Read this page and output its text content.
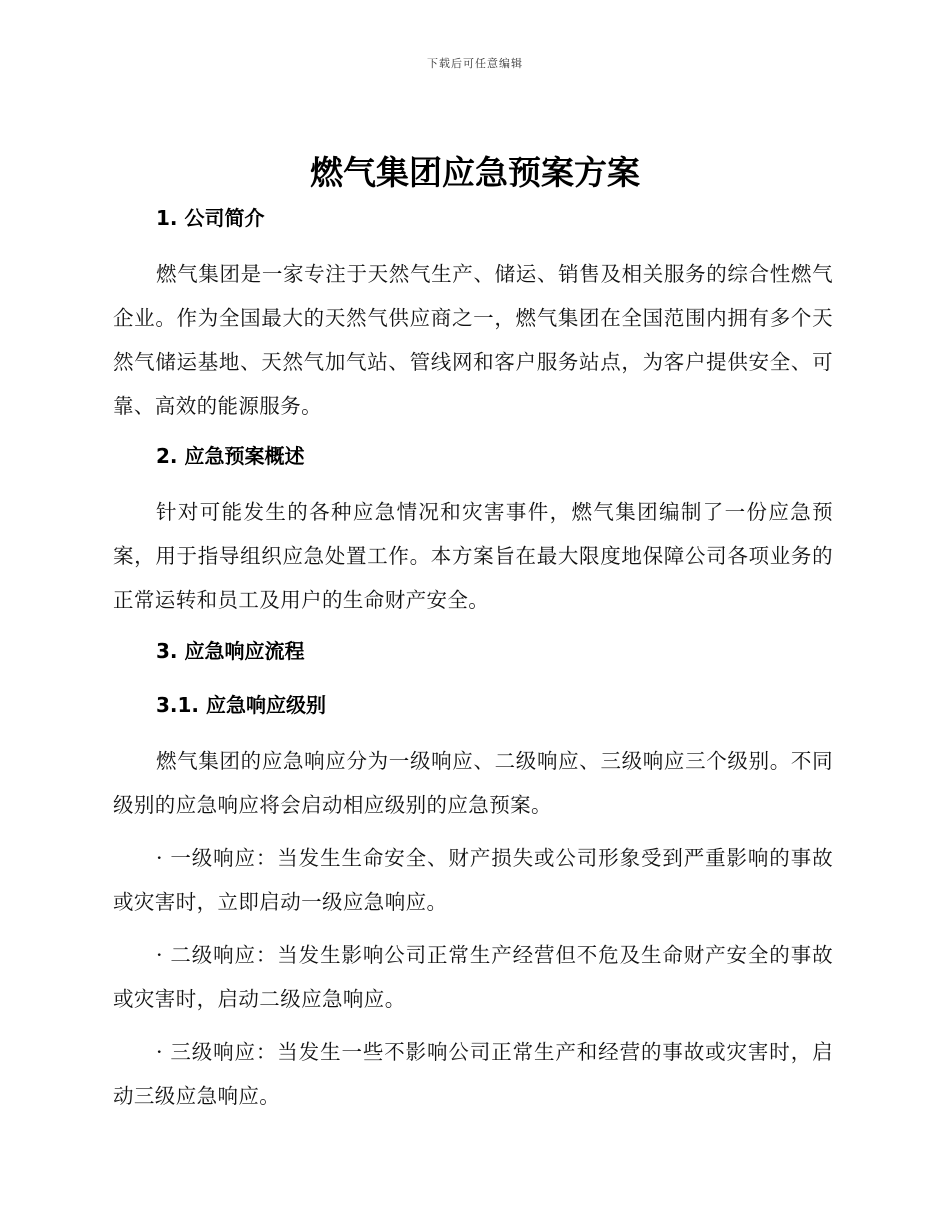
下载后可任意编辑
燃气集团应急预案方案
1. 公司简介

燃气集团是一家专注于天然气生产、储运、销售及相关服务的综合性燃气企业。作为全国最大的天然气供应商之一，燃气集团在全国范围内拥有多个天然气储运基地、天然气加气站、管线网和客户服务站点，为客户提供安全、可靠、高效的能源服务。

2. 应急预案概述

针对可能发生的各种应急情况和灾害事件，燃气集团编制了一份应急预案，用于指导组织应急处置工作。本方案旨在最大限度地保障公司各项业务的正常运转和员工及用户的生命财产安全。

3. 应急响应流程
3.1. 应急响应级别

燃气集团的应急响应分为一级响应、二级响应、三级响应三个级别。不同级别的应急响应将会启动相应级别的应急预案。

· 一级响应：当发生生命安全、财产损失或公司形象受到严重影响的事故或灾害时，立即启动一级应急响应。

· 二级响应：当发生影响公司正常生产经营但不危及生命财产安全的事故或灾害时，启动二级应急响应。

· 三级响应：当发生一些不影响公司正常生产和经营的事故或灾害时，启动三级应急响应。
